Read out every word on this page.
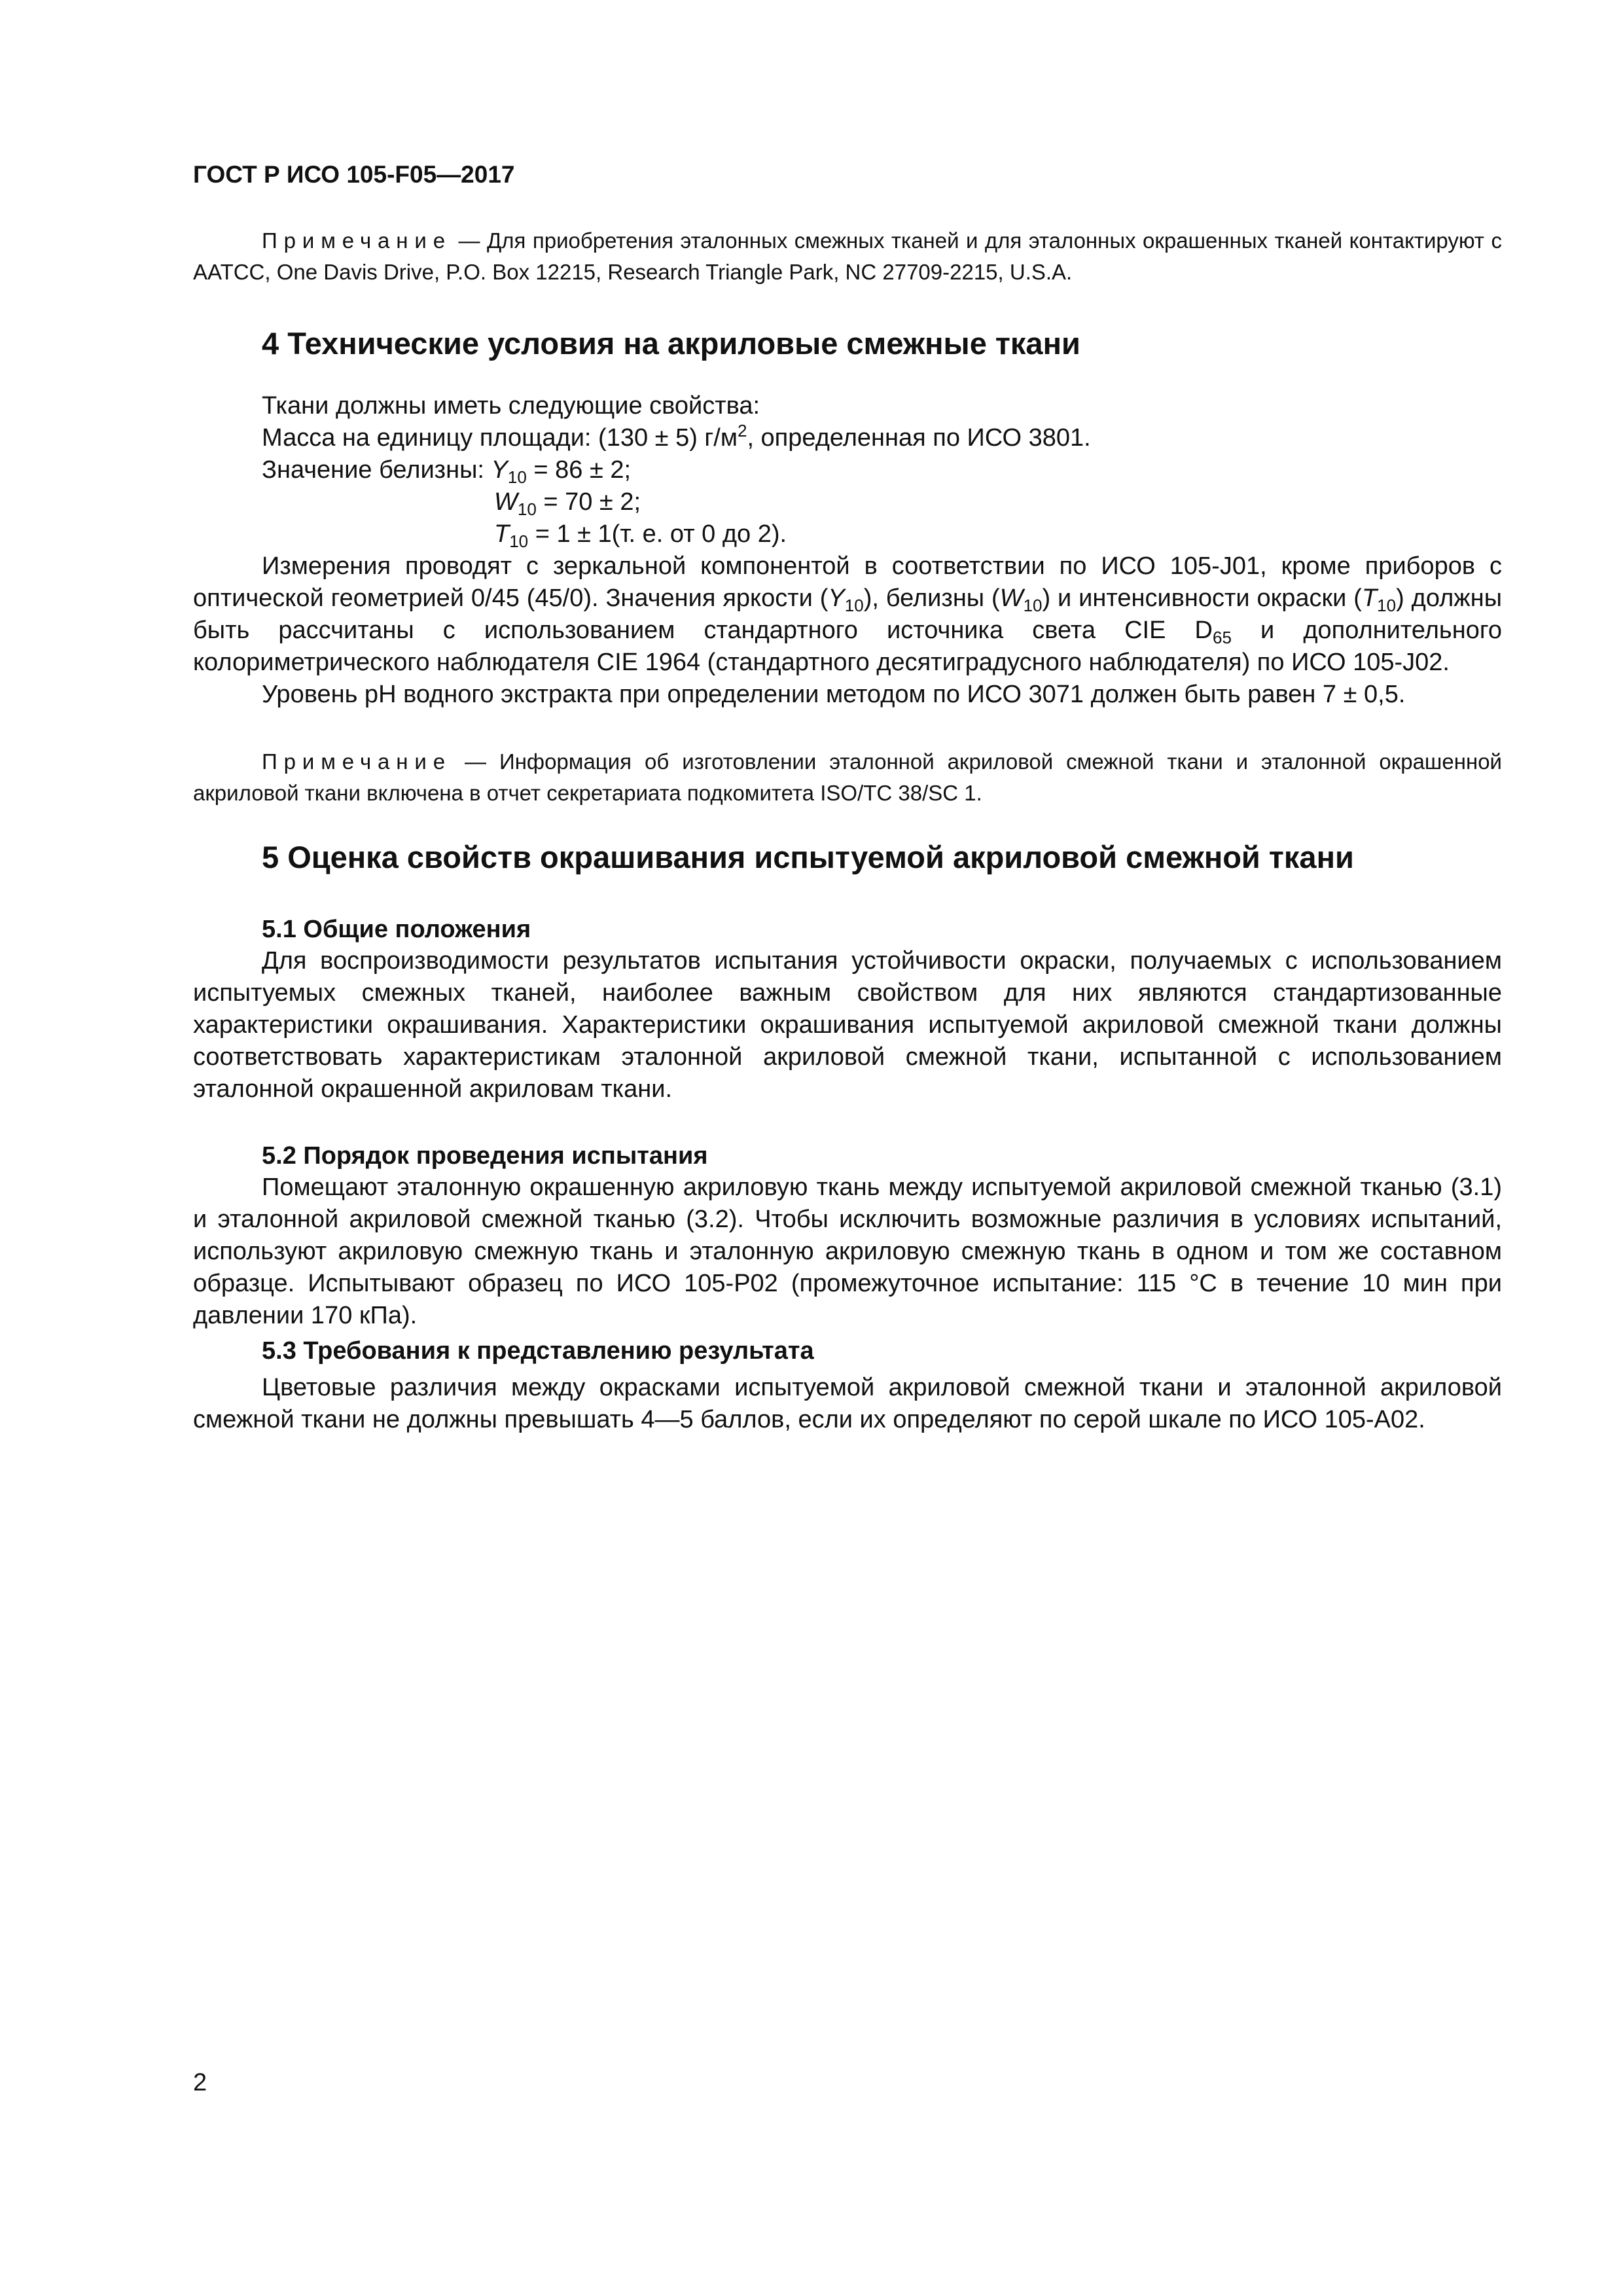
ГОСТ Р ИСО 105-F05—2017

Примечание — Для приобретения эталонных смежных тканей и для эталонных окрашенных тканей контактируют с AATCC, One Davis Drive, P.O. Box 12215, Research Triangle Park, NC 27709-2215, U.S.A.

4 Технические условия на акриловые смежные ткани

Ткани должны иметь следующие свойства:

Масса на единицу площади: (130 ± 5) $г/м^2$, определенная по ИСО 3801.

Значение белизны: $Y_{10} = 86 \pm 2$;

$W_{10} = 70 \pm 2$;

$T_{10} = 1 \pm 1(т$. е. от 0 до 2).

Измерения проводят с зеркальной компонентой в соответствии по ИСО 105-J01, кроме приборов с оптической геометрией 0/45 (45/0). Значения яркости $(Y_{10})$, белизны $(W_{10})$ и интенсивности окраски $(T_{10})$ должны быть рассчитаны с использованием стандартного источника света CIE $D_{65}$ и дополнительного колориметрического наблюдателя CIE 1964 (стандартного десятиградусного наблюдателя) по ИСО 105-J02.

Уровень pH водного экстракта при определении методом по ИСО 3071 должен быть равен 7 ± 0,5.

Примечание — Информация об изготовлении эталонной акриловой смежной ткани и эталонной окрашенной акриловой ткани включена в отчет секретариата подкомитета ISO/TC 38/SC 1.

5 Оценка свойств окрашивания испытуемой акриловой смежной ткани

5.1 Общие положения

Для воспроизводимости результатов испытания устойчивости окраски, получаемых с использованием испытуемых смежных тканей, наиболее важным свойством для них являются стандартизованные характеристики окрашивания. Характеристики окрашивания испытуемой акриловой смежной ткани должны соответствовать характеристикам эталонной акриловой смежной ткани, испытанной с использованием эталонной окрашенной акриловам ткани.

5.2 Порядок проведения испытания

Помещают эталонную окрашенную акриловую ткань между испытуемой акриловой смежной тканью (3.1) и эталонной акриловой смежной тканью (3.2). Чтобы исключить возможные различия в условиях испытаний, используют акриловую смежную ткань и эталонную акриловую смежную ткань в одном и том же составном образце. Испытывают образец по ИСО 105-Р02 (промежуточное испытание: 115 °C в течение 10 мин при давлении 170 кПа).

5.3 Требования к представлению результата

Цветовые различия между окрасками испытуемой акриловой смежной ткани и эталонной акриловой смежной ткани не должны превышать 4—5 баллов, если их определяют по серой шкале по ИСО 105-А02.

2
